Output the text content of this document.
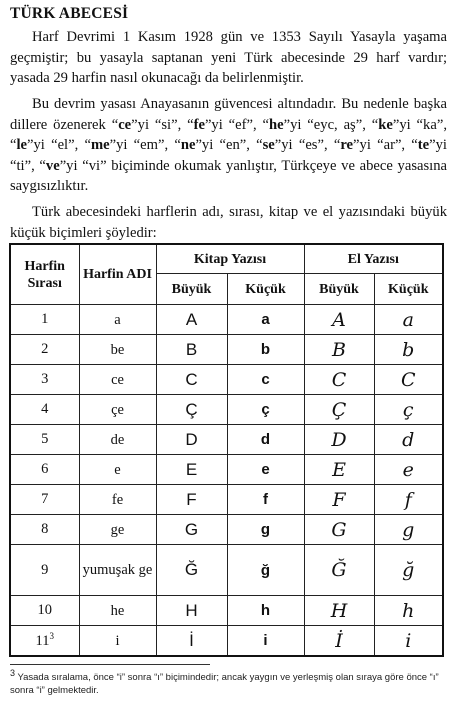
TÜRK ABECESİ
Harf Devrimi 1 Kasım 1928 gün ve 1353 Sayılı Yasayla yaşama geçmiştir; bu yasayla saptanan yeni Türk abecesinde 29 harf vardır; yasada 29 harfin nasıl okunacağı da belirlenmiştir.
Bu devrim yasası Anayasanın güvencesi altındadır. Bu nedenle başka dillere özenerek “ce”yi “si”, “fe”yi “ef”, “he”yi “eyc, aş”, “ke”yi “ka”, “le”yi “el”, “me”yi “em”, “ne”yi “en”, “se”yi “es”, “re”yi “ar”, “te”yi “ti”, “ve”yi “vi” biçiminde okumak yanlıştır, Türkçeye ve abece yasasına saygısızlıktır.
Türk abecesindeki harflerin adı, sırası, kitap ve el yazısındaki büyük küçük biçimleri şöyledir:
Harfin Sırası	Harfin ADI	Kitap Yazısı		El Yazısı	
		Büyük	Küçük	Büyük	Küçük
1	a	A	a	A	a
2	be	B	b	B	b
3	ce	C	c	C	C
4	çe	Ç	ç	Ç	ç
5	de	D	d	D	d
6	e	E	e	E	e
7	fe	F	f	F	f
8	ge	G	g	G	g
9	yumuşak ge	Ğ	ğ	Ğ	ğ
10	he	H	h	H	h
$11^3$	i	İ	i	İ	i
$^3$ Yasada sıralama, önce “i” sonra “ı” biçimindedir; ancak yaygın ve yerleşmiş olan sıraya göre önce “ı” sonra “i” gelmektedir.
